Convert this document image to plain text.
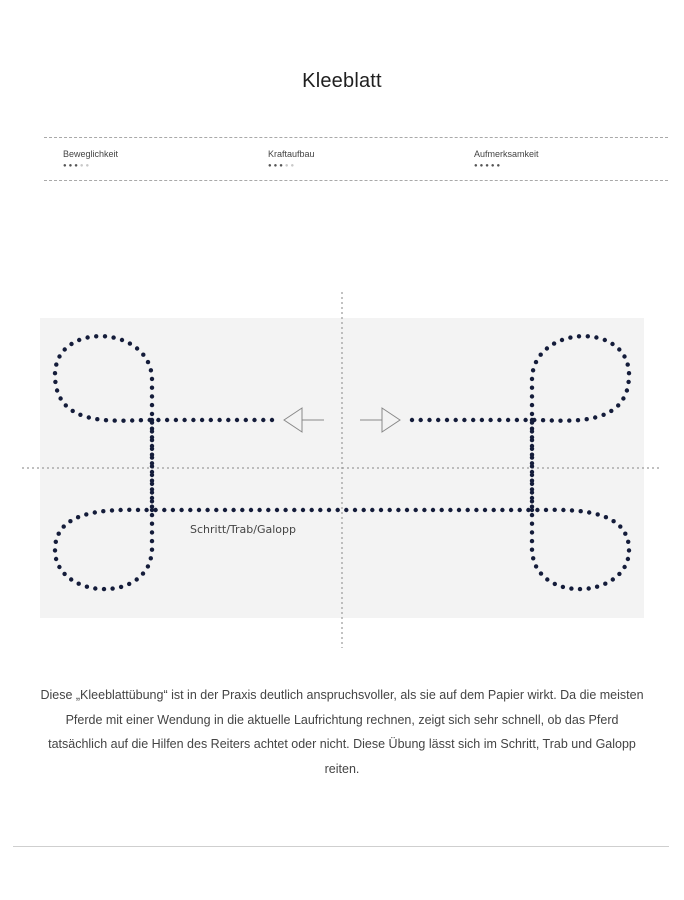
Kleeblatt
Beweglichkeit
●●●●●
Kraftaufbau
●●●●●
Aufmerksamkeit
●●●●●
Schritt/Trab/Galopp
Diese „Kleeblattübung“ ist in der Praxis deutlich anspruchsvoller, als sie auf dem Papier wirkt. Da die meisten Pferde mit einer Wendung in die aktuelle Laufrichtung rechnen, zeigt sich sehr schnell, ob das Pferd tatsächlich auf die Hilfen des Reiters achtet oder nicht. Diese Übung lässt sich im Schritt, Trab und Galopp reiten.
